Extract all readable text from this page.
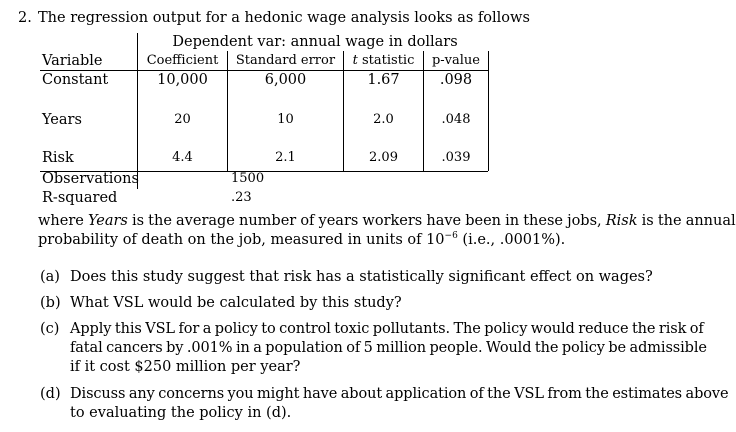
2. The regression output for a hedonic wage analysis looks as follows
Dependent var: annual wage in dollars
Variable	Coefficient	Standard error	t statistic	p-value
Constant	10,000	6,000	1.67	.098
Years	20	10	2.0	.048
Risk	4.4	2.1	2.09	.039
Observations	1500
R-squared	.23
where Years is the average number of years workers have been in these jobs, Risk is the annual
probability of death on the job, measured in units of $10^{-6}$ (i.e., .0001%).
(a) Does this study suggest that risk has a statistically significant effect on wages?
(b) What VSL would be calculated by this study?
(c) Apply this VSL for a policy to control toxic pollutants. The policy would reduce the risk of
fatal cancers by .001% in a population of 5 million people. Would the policy be admissible
if it cost $250 million per year?
(d) Discuss any concerns you might have about application of the VSL from the estimates above
to evaluating the policy in (d).
